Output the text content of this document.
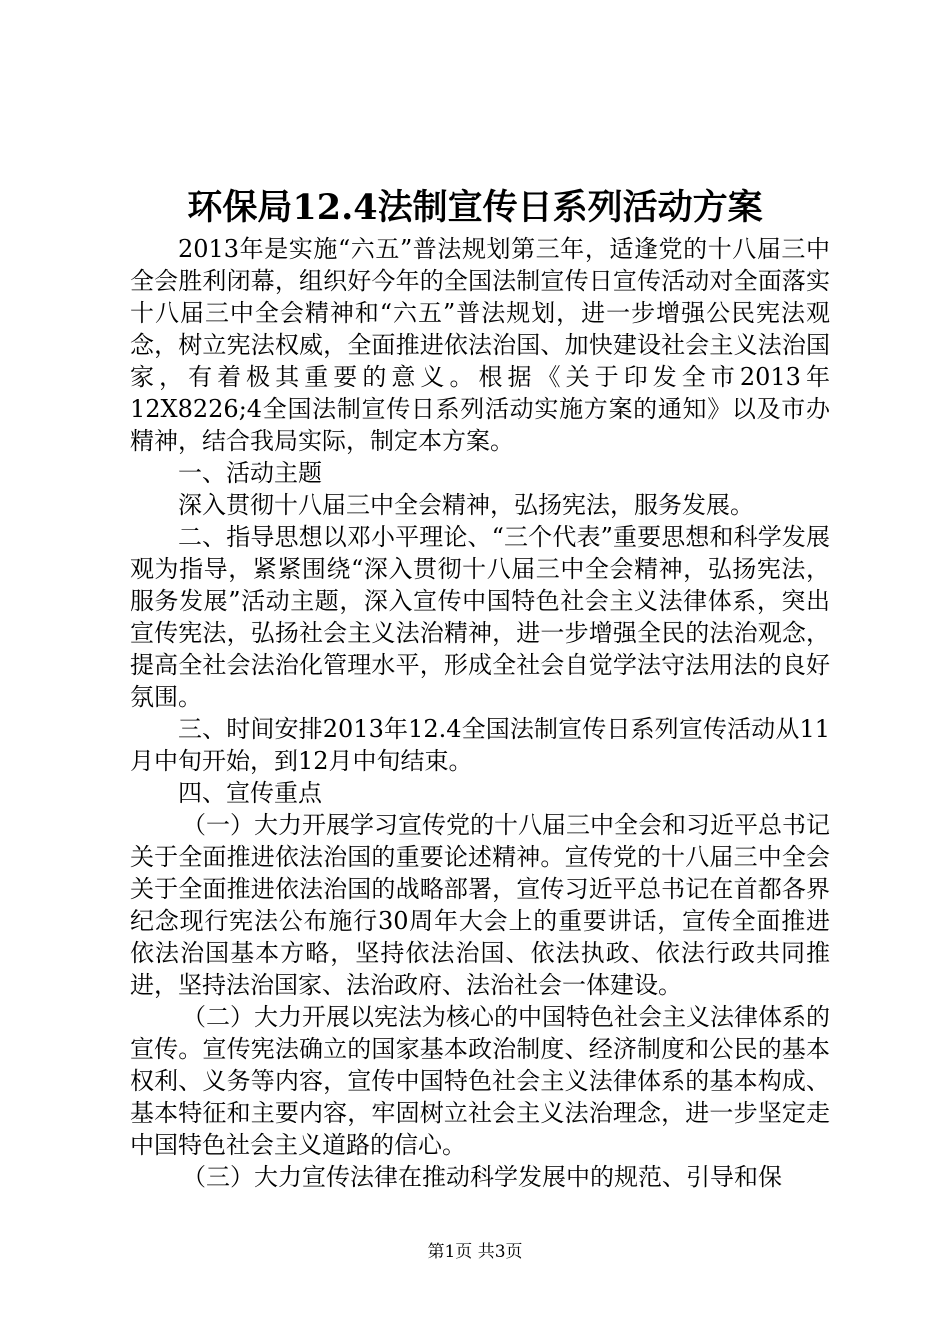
环保局12.4法制宣传日系列活动方案

2013年是实施“六五”普法规划第三年，适逢党的十八届三中全会胜利闭幕，组织好今年的全国法制宣传日宣传活动对全面落实十八届三中全会精神和“六五”普法规划，进一步增强公民宪法观念，树立宪法权威，全面推进依法治国、加快建设社会主义法治国家，有着极其重要的意义。根据《关于印发全市2013年12X8226;4全国法制宣传日系列活动实施方案的通知》以及市办精神，结合我局实际，制定本方案。

一、活动主题

深入贯彻十八届三中全会精神，弘扬宪法，服务发展。

二、指导思想以邓小平理论、“三个代表”重要思想和科学发展观为指导，紧紧围绕“深入贯彻十八届三中全会精神，弘扬宪法，服务发展”活动主题，深入宣传中国特色社会主义法律体系，突出宣传宪法，弘扬社会主义法治精神，进一步增强全民的法治观念，提高全社会法治化管理水平，形成全社会自觉学法守法用法的良好氛围。

三、时间安排2013年12.4全国法制宣传日系列宣传活动从11月中旬开始，到12月中旬结束。

四、宣传重点

（一）大力开展学习宣传党的十八届三中全会和习近平总书记关于全面推进依法治国的重要论述精神。宣传党的十八届三中全会关于全面推进依法治国的战略部署，宣传习近平总书记在首都各界纪念现行宪法公布施行30周年大会上的重要讲话，宣传全面推进依法治国基本方略，坚持依法治国、依法执政、依法行政共同推进，坚持法治国家、法治政府、法治社会一体建设。

（二）大力开展以宪法为核心的中国特色社会主义法律体系的宣传。宣传宪法确立的国家基本政治制度、经济制度和公民的基本权利、义务等内容，宣传中国特色社会主义法律体系的基本构成、基本特征和主要内容，牢固树立社会主义法治理念，进一步坚定走中国特色社会主义道路的信心。

（三）大力宣传法律在推动科学发展中的规范、引导和保

第1页 共3页
